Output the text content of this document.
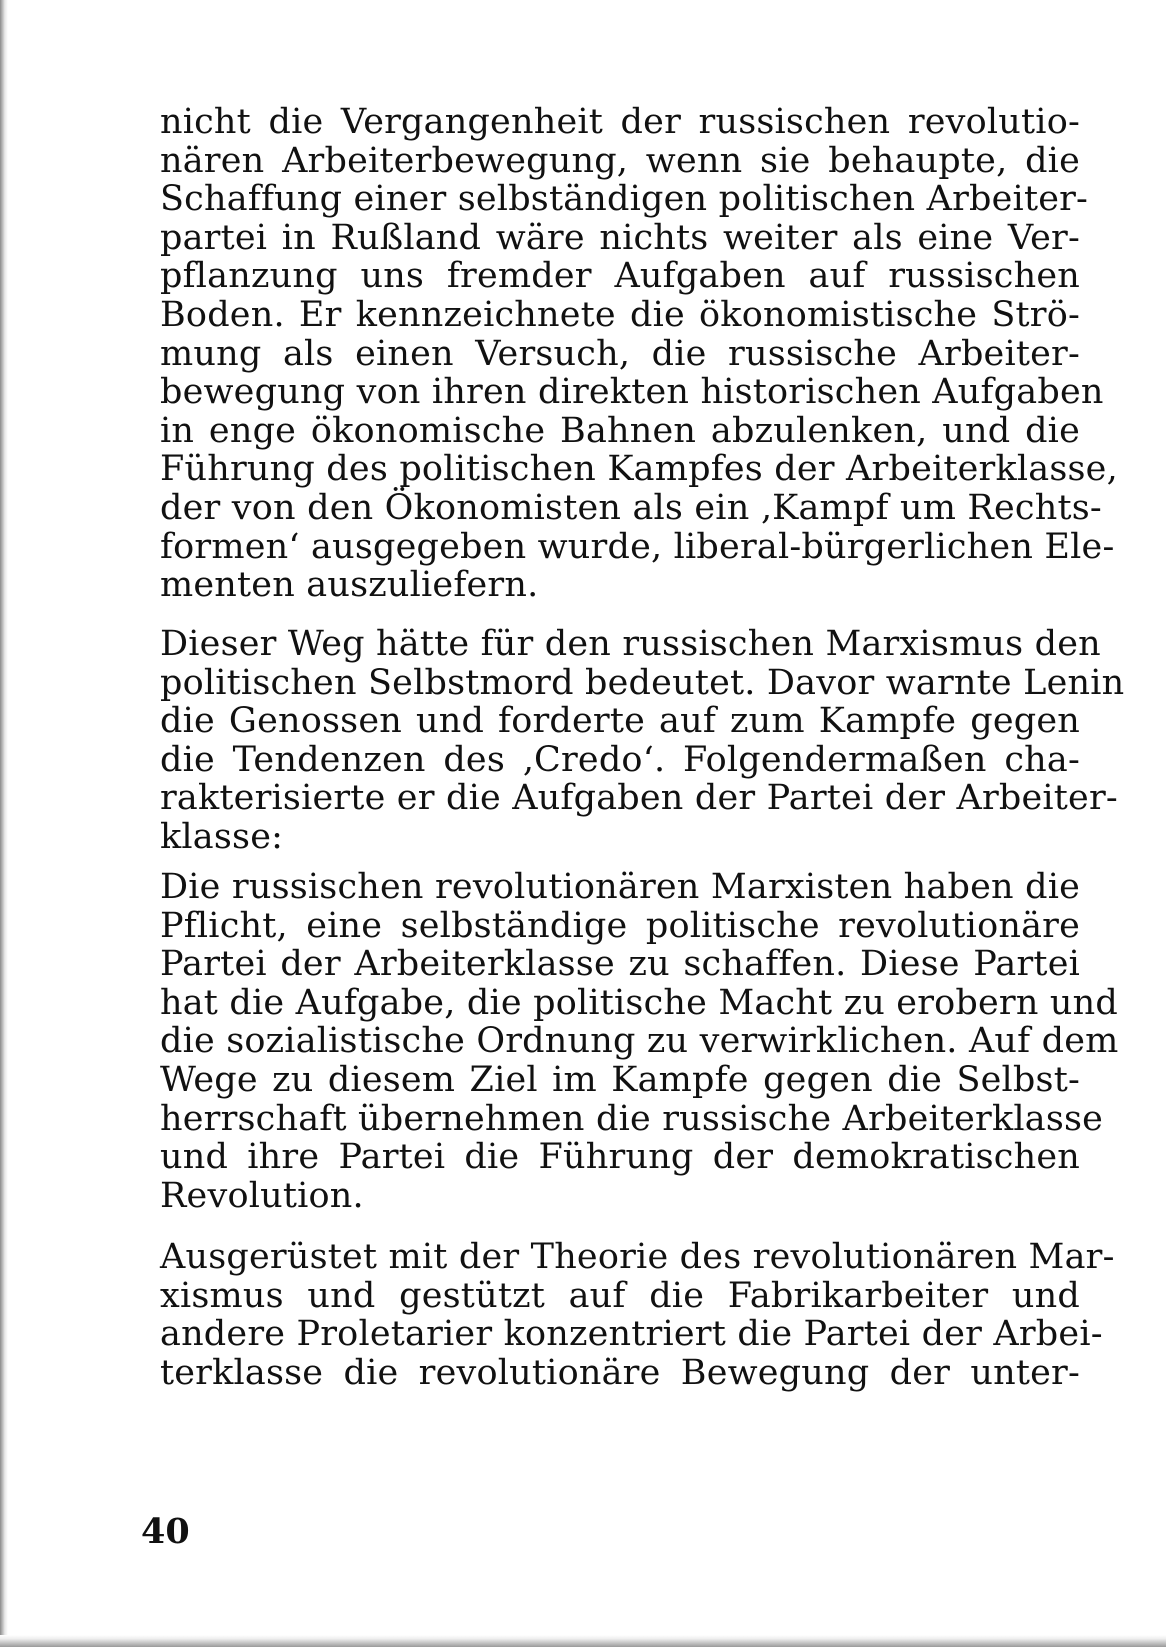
nicht die Vergangenheit der russischen revolutio-
nären Arbeiterbewegung, wenn sie behaupte, die
Schaffung einer selbständigen politischen Arbeiter-
partei in Rußland wäre nichts weiter als eine Ver-
pflanzung uns fremder Aufgaben auf russischen
Boden. Er kennzeichnete die ökonomistische Strö-
mung als einen Versuch, die russische Arbeiter-
bewegung von ihren direkten historischen Aufgaben
in enge ökonomische Bahnen abzulenken, und die
Führung des politischen Kampfes der Arbeiterklasse,
der von den Ökonomisten als ein ‚Kampf um Rechts-
formen‘ ausgegeben wurde, liberal-bürgerlichen Ele-
menten auszuliefern.
Dieser Weg hätte für den russischen Marxismus den
politischen Selbstmord bedeutet. Davor warnte Lenin
die Genossen und forderte auf zum Kampfe gegen
die Tendenzen des ‚Credo‘. Folgendermaßen cha-
rakterisierte er die Aufgaben der Partei der Arbeiter-
klasse:
Die russischen revolutionären Marxisten haben die
Pflicht, eine selbständige politische revolutionäre
Partei der Arbeiterklasse zu schaffen. Diese Partei
hat die Aufgabe, die politische Macht zu erobern und
die sozialistische Ordnung zu verwirklichen. Auf dem
Wege zu diesem Ziel im Kampfe gegen die Selbst-
herrschaft übernehmen die russische Arbeiterklasse
und ihre Partei die Führung der demokratischen
Revolution.
Ausgerüstet mit der Theorie des revolutionären Mar-
xismus und gestützt auf die Fabrikarbeiter und
andere Proletarier konzentriert die Partei der Arbei-
terklasse die revolutionäre Bewegung der unter-
40
